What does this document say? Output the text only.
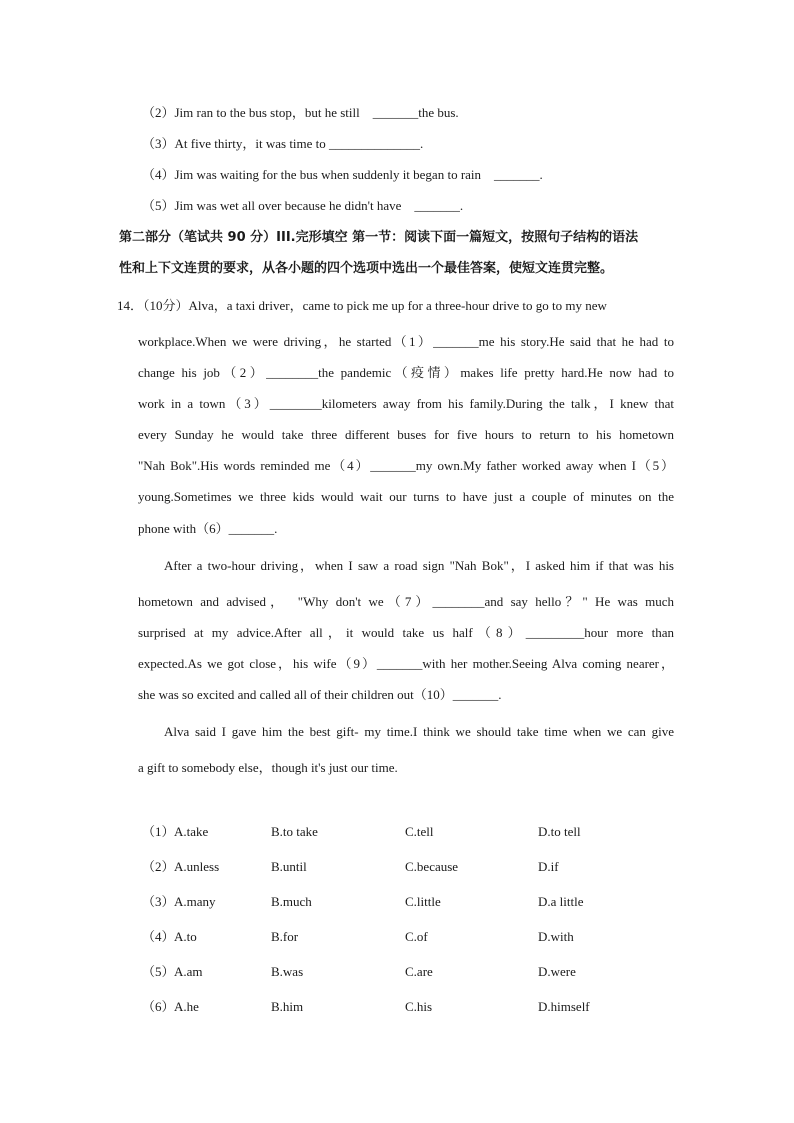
（2）Jim ran to the bus stop，but he still　_______the bus.
（3）At five thirty，it was time to ______________.
（4）Jim was waiting for the bus when suddenly it began to rain　_______.
（5）Jim was wet all over because he didn't have　_______.
第二部分（笔试共 90 分）III.完形填空 第一节：阅读下面一篇短文，按照句子结构的语法
性和上下文连贯的要求，从各小题的四个选项中选出一个最佳答案，使短文连贯完整。
14．（10分）Alva，a taxi driver，came to pick me up for a three-hour drive to go to my new
workplace.When we were driving，he started（1）_______me his story.He said that he had to
change his job（2）________the pandemic（疫情）makes life pretty hard.He now had to
work in a town（3）________kilometers away from his family.During the talk，I knew that
every Sunday he would take three different buses for five hours to return to his hometown
"Nah Bok".His words reminded me（4）_______my own.My father worked away when I（5）
young.Sometimes we three kids would wait our turns to have just a couple of minutes on the
phone with（6）_______.
After a two-hour driving，when I saw a road sign "Nah Bok"，I asked him if that was his
hometown and advised，　"Why don't we（7）________and say hello？" He was much
surprised at my advice.After all，it would take us half（8）_________hour more than
expected.As we got close，his wife（9）_______with her mother.Seeing Alva coming nearer，
she was so excited and called all of their children out（10）_______.
Alva said I gave him the best gift- my time.I think we should take time when we can give
a gift to somebody else，though it's just our time.
（1） A.take	B.to take	C.tell	D.to tell
（2） A.unless	B.until	C.because	D.if
（3） A.many	B.much	C.little	D.a little
（4） A.to	B.for	C.of	D.with
（5） A.am	B.was	C.are	D.were
（6） A.he	B.him	C.his	D.himself
